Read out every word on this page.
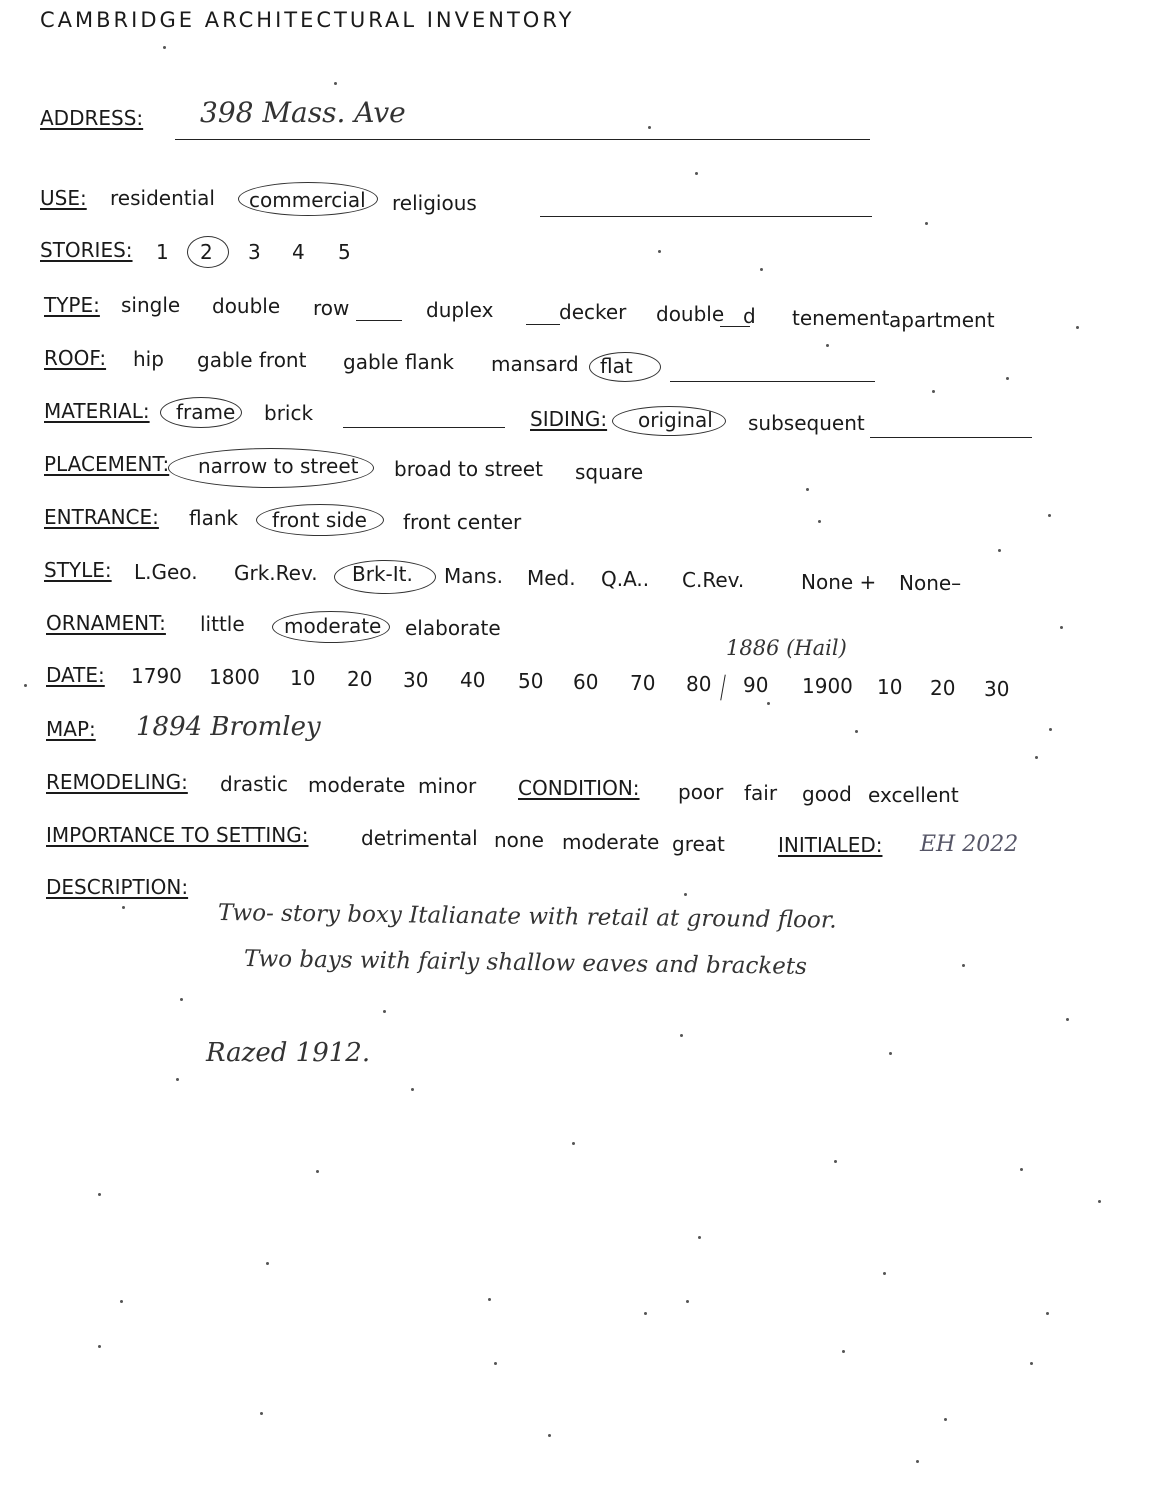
CAMBRIDGE ARCHITECTURAL INVENTORY
ADDRESS: 398 Mass. Ave
USE: residential commercial religious
STORIES: 1 2 3 4 5
TYPE: single double row	duplex	decker double d tenement apartment
ROOF: hip gable front gable flank mansard flat
MATERIAL: frame brick	SIDING: original subsequent
PLACEMENT: narrow to street broad to street square
ENTRANCE: flank front side front center
STYLE: L.Geo. Grk.Rev. Brk-It. Mans. Med. Q.A.. C.Rev.	None + None–
ORNAMENT: little moderate elaborate
1886 (Hail)
DATE: 1790 1800 10 20 30 40 50 60 70 80 90 1900 10 20 30
MAP: 1894 Bromley
REMODELING: drastic moderate minor CONDITION: poor fair good excellent
IMPORTANCE TO SETTING:	detrimental none moderate great	INITIALED: EH 2022
DESCRIPTION:
Two- story boxy Italianate with retail at ground floor.
Two bays with fairly shallow eaves and brackets
Razed 1912.
